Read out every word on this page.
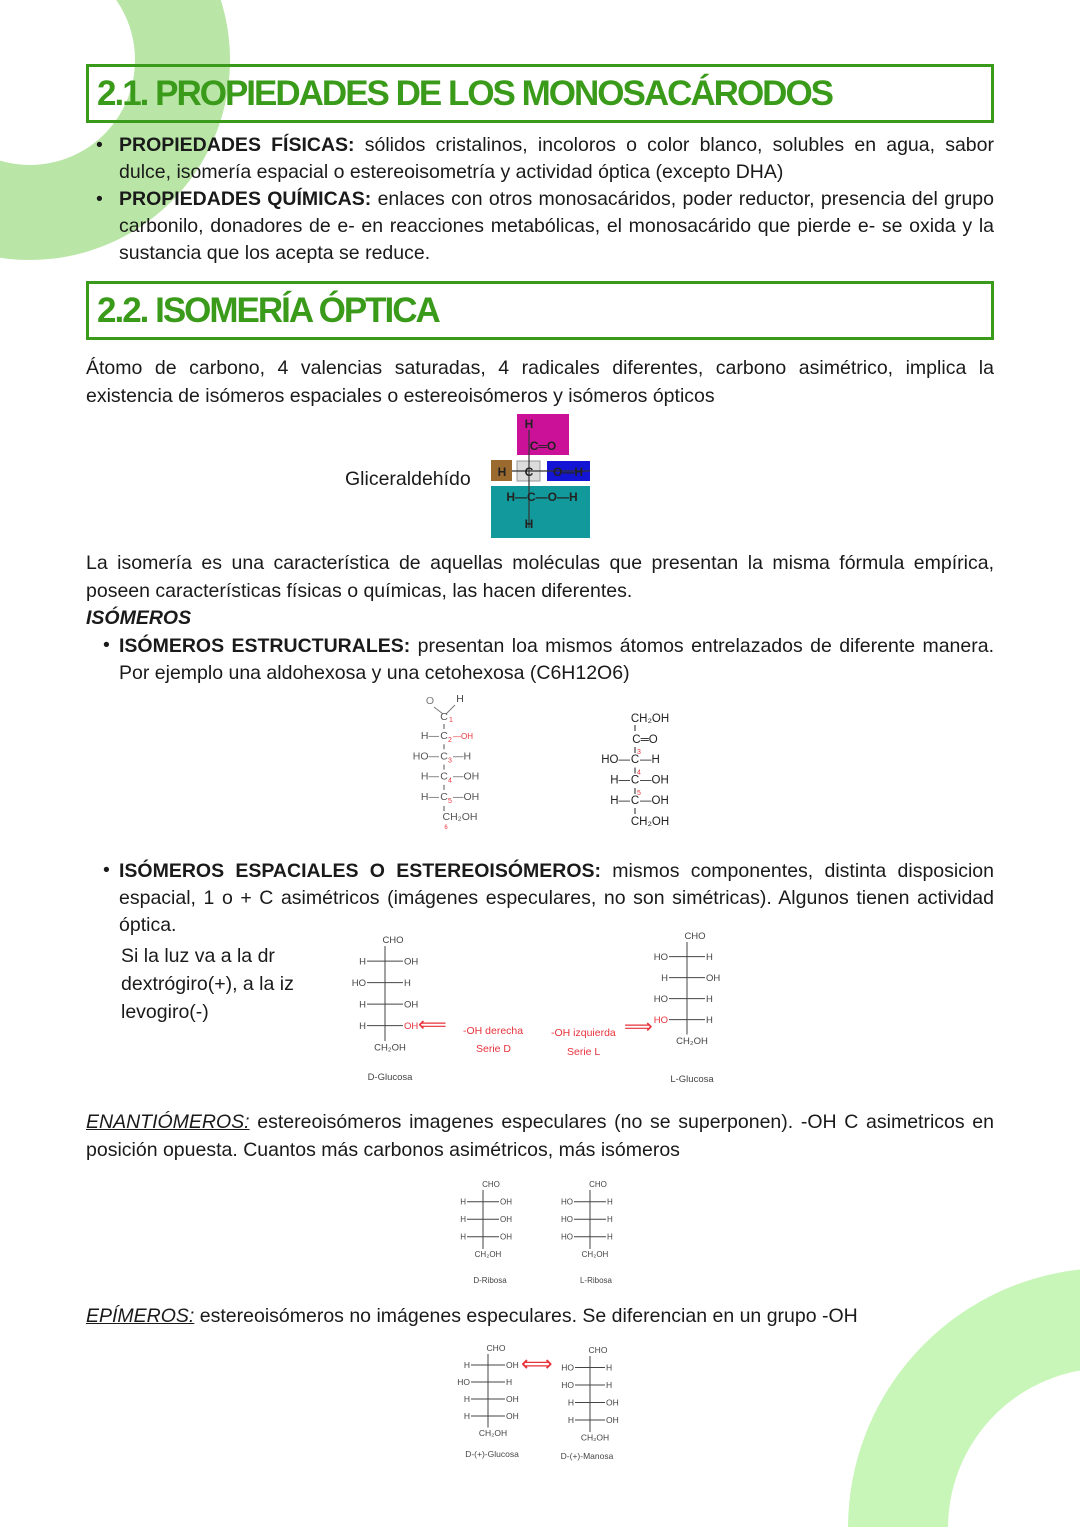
2.1. PROPIEDADES DE LOS MONOSACÁRODOS
• PROPIEDADES FÍSICAS: sólidos cristalinos, incoloros o color blanco, solubles en agua, sabor dulce, isomería espacial o estereoisometría y actividad óptica (excepto DHA)
• PROPIEDADES QUÍMICAS: enlaces con otros monosacáridos, poder reductor, presencia del grupo carbonilo, donadores de e- en reacciones metabólicas, el monosacárido que pierde e- se oxida y la sustancia que los acepta se reduce.
2.2. ISOMERÍA ÓPTICA
Átomo de carbono, 4 valencias saturadas, 4 radicales diferentes, carbono asimétrico, implica la existencia de isómeros espaciales o estereoisómeros y isómeros ópticos
Gliceraldehído
La isomería es una característica de aquellas moléculas que presentan la misma fórmula empírica, poseen características físicas o químicas, las hacen diferentes.
ISÓMEROS
• ISÓMEROS ESTRUCTURALES: presentan loa mismos átomos entrelazados de diferente manera. Por ejemplo una aldohexosa y una cetohexosa (C6H12O6)
• ISÓMEROS ESPACIALES O ESTEREOISÓMEROS: mismos componentes, distinta disposicion espacial, 1 o + C asimétricos (imágenes especulares, no son simétricas). Algunos tienen actividad óptica.
Si la luz va a la dr
dextrógiro(+), a la iz
levogiro(-)
ENANTIÓMEROS: estereoisómeros imagenes especulares (no se superponen). -OH C asimetricos en posición opuesta. Cuantos más carbonos asimétricos, más isómeros
EPÍMEROS: estereoisómeros no imágenes especulares. Se diferencian en un grupo -OH
H
C═O
H C O—H
H—C—O—H
H
O H
C 1
C
H— —OH
2
C
HO— —H
3
C
H— —OH
4
C
H— —OH
5
CH₂OH
6
CH₂OH
C═O
C
HO— —H
3
C
H— —OH
4
C
H— —OH
5
CH₂OH
CHO
H	OH
HO	H
H	OH
H	OH
CH₂OH
D-Glucosa
CHO
HO	H
H	OH
HO	H
HO	H
CH₂OH
L-Glucosa
⟸ -OH derecha
Serie D
-OH izquierda
Serie L
⟹
⟺
CHO
H	OH
H	OH
H	OH
CH₂OH
D-Ribosa
CHO
HO	H
HO	H
HO	H
CH₂OH
L-Ribosa
CHO
H	OH
HO	H
H	OH
H	OH
CH₂OH
D-(+)-Glucosa
CHO
HO	H
HO	H
H	OH
H	OH
CH₂OH
D-(+)-Manosa
